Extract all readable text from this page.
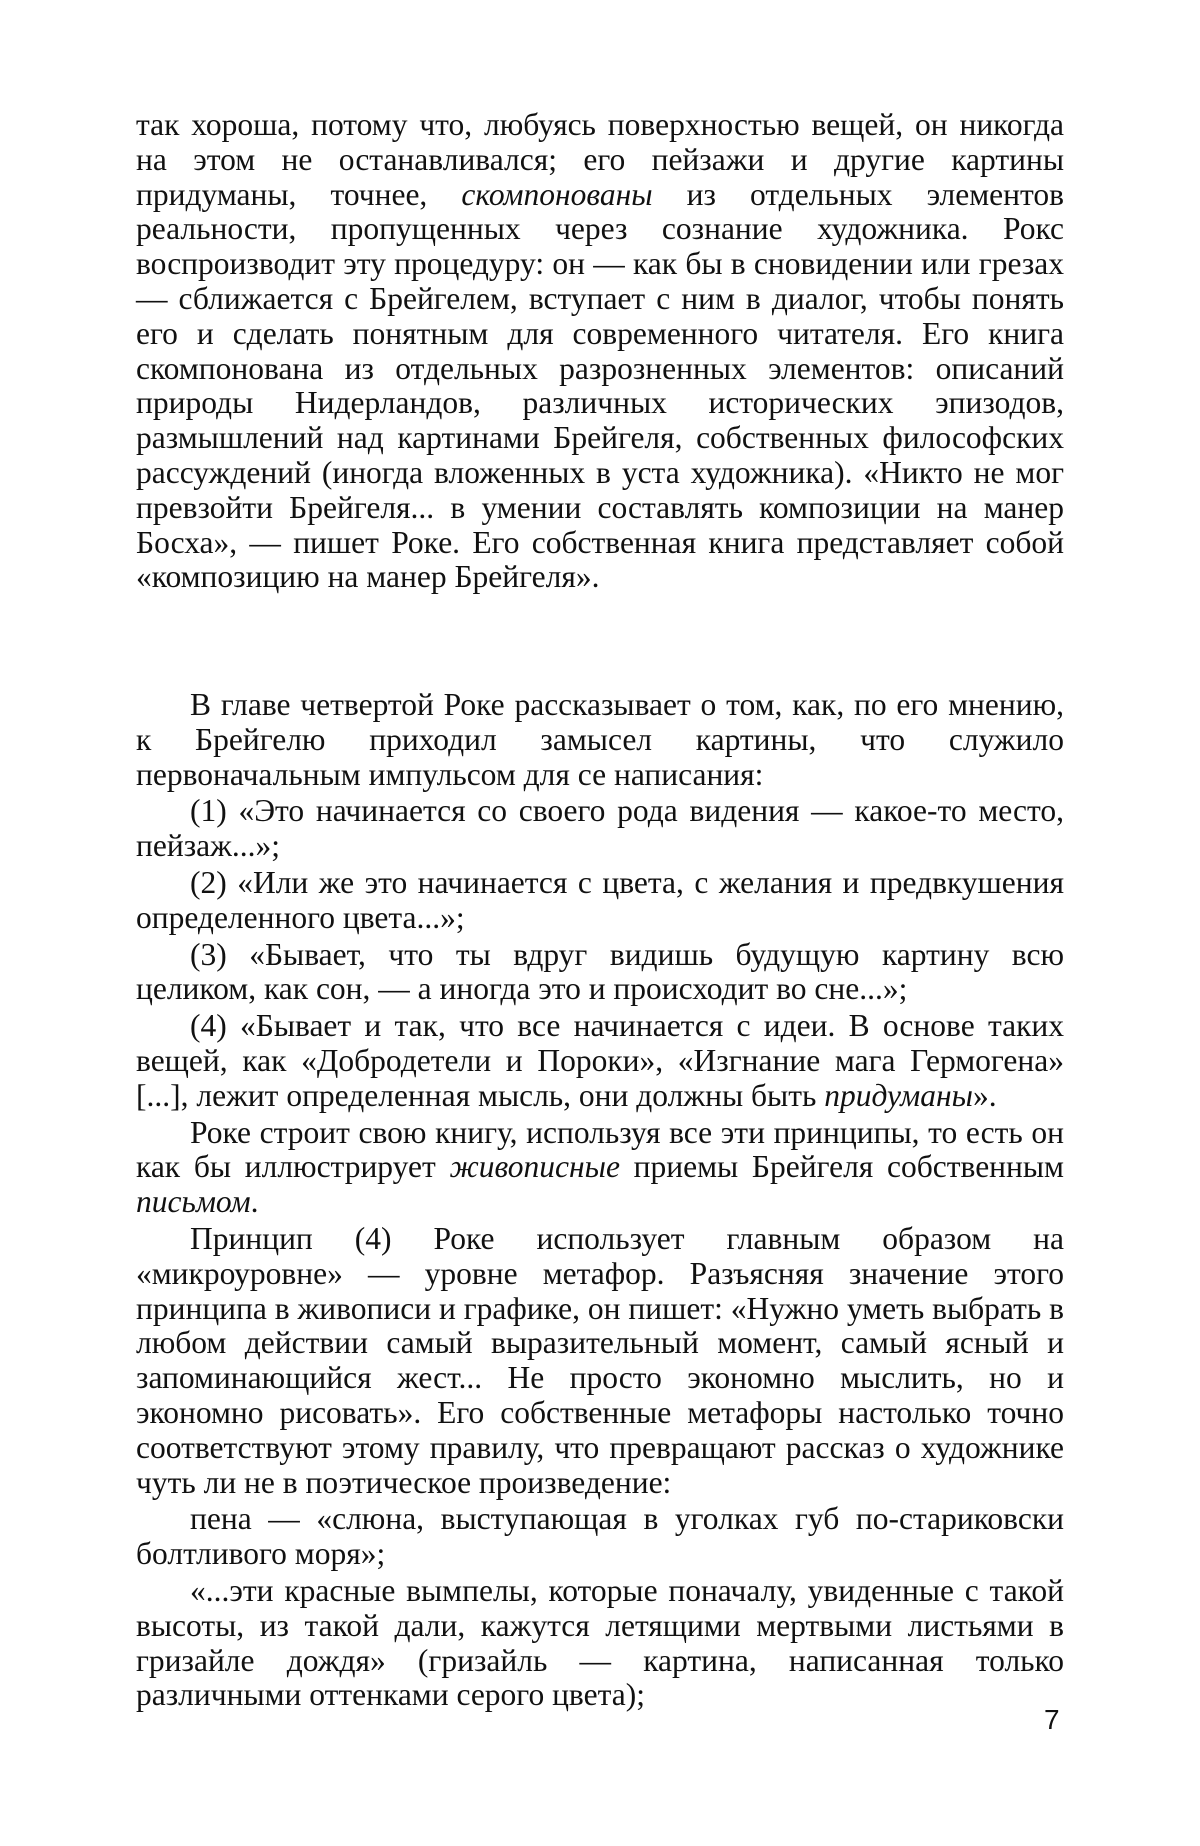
так хороша, потому что, любуясь поверхностью вещей, он никогда на этом не останавливался; его пейзажи и другие картины придуманы, точнее, скомпонованы из отдельных элементов реальности, пропущенных через сознание художника. Рокс воспроизводит эту процедуру: он — как бы в сновидении или грезах — сближается с Брейгелем, вступает с ним в диалог, чтобы понять его и сделать понятным для современного читателя. Его книга скомпонована из отдельных разрозненных элементов: описаний природы Нидерландов, различных исторических эпизодов, размышлений над картинами Брейгеля, собственных философских рассуждений (иногда вложенных в уста художника). «Никто не мог превзойти Брейгеля... в умении составлять композиции на манер Босха», — пишет Роке. Его собственная книга представляет собой «композицию на манер Брейгеля».

В главе четвертой Роке рассказывает о том, как, по его мнению, к Брейгелю приходил замысел картины, что служило первоначальным импульсом для се написания:

(1) «Это начинается со своего рода видения — какое-то место, пейзаж...»;

(2) «Или же это начинается с цвета, с желания и предвкушения определенного цвета...»;

(3) «Бывает, что ты вдруг видишь будущую картину всю целиком, как сон, — а иногда это и происходит во сне...»;

(4) «Бывает и так, что все начинается с идеи. В основе таких вещей, как «Добродетели и Пороки», «Изгнание мага Гермогена» [...], лежит определенная мысль, они должны быть придуманы».

Роке строит свою книгу, используя все эти принципы, то есть он как бы иллюстрирует живописные приемы Брейгеля собственным письмом.

Принцип (4) Роке использует главным образом на «микроуровне» — уровне метафор. Разъясняя значение этого принципа в живописи и графике, он пишет: «Нужно уметь выбрать в любом действии самый выразительный момент, самый ясный и запоминающийся жест... Не просто экономно мыслить, но и экономно рисовать». Его собственные метафоры настолько точно соответствуют этому правилу, что превращают рассказ о художнике чуть ли не в поэтическое произведение:

пена — «слюна, выступающая в уголках губ по-стариковски болтливого моря»;

«...эти красные вымпелы, которые поначалу, увиденные с такой высоты, из такой дали, кажутся летящими мертвыми листьями в гризайле дождя» (гризайль — картина, написанная только различными оттенками серого цвета);

7
